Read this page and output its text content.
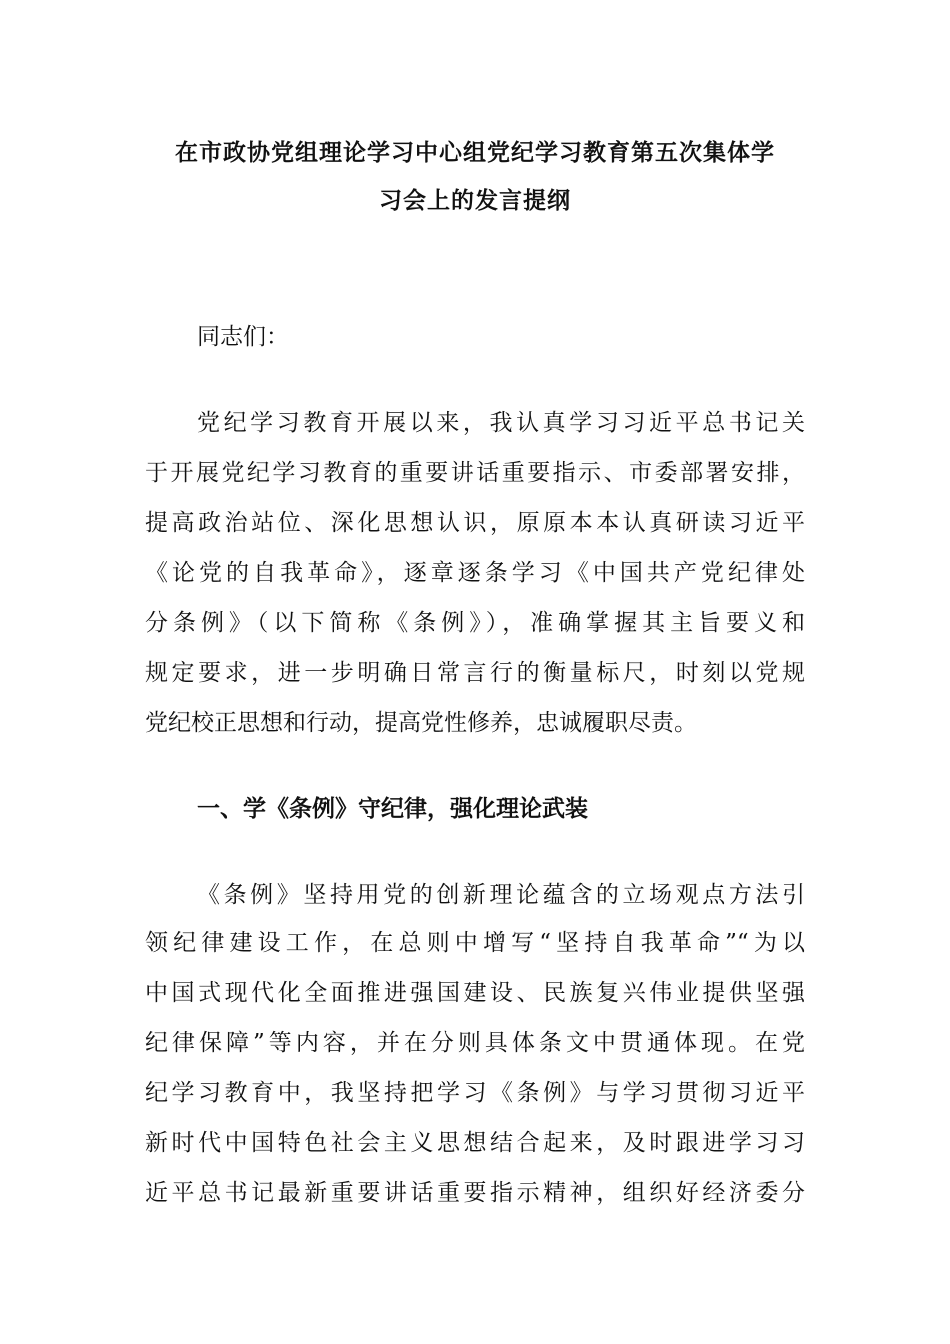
在市政协党组理论学习中心组党纪学习教育第五次集体学
习会上的发言提纲
同志们：
党纪学习教育开展以来，我认真学习习近平总书记关
于开展党纪学习教育的重要讲话重要指示、市委部署安排，
提高政治站位、深化思想认识，原原本本认真研读习近平
《论党的自我革命》，逐章逐条学习《中国共产党纪律处
分条例》（以下简称《条例》），准确掌握其主旨要义和
规定要求，进一步明确日常言行的衡量标尺，时刻以党规
党纪校正思想和行动，提高党性修养，忠诚履职尽责。
一、学《条例》守纪律，强化理论武装
《条例》坚持用党的创新理论蕴含的立场观点方法引
领纪律建设工作，在总则中增写“坚持自我革命”“为以
中国式现代化全面推进强国建设、民族复兴伟业提供坚强
纪律保障”等内容，并在分则具体条文中贯通体现。在党
纪学习教育中，我坚持把学习《条例》与学习贯彻习近平
新时代中国特色社会主义思想结合起来，及时跟进学习习
近平总书记最新重要讲话重要指示精神，组织好经济委分
